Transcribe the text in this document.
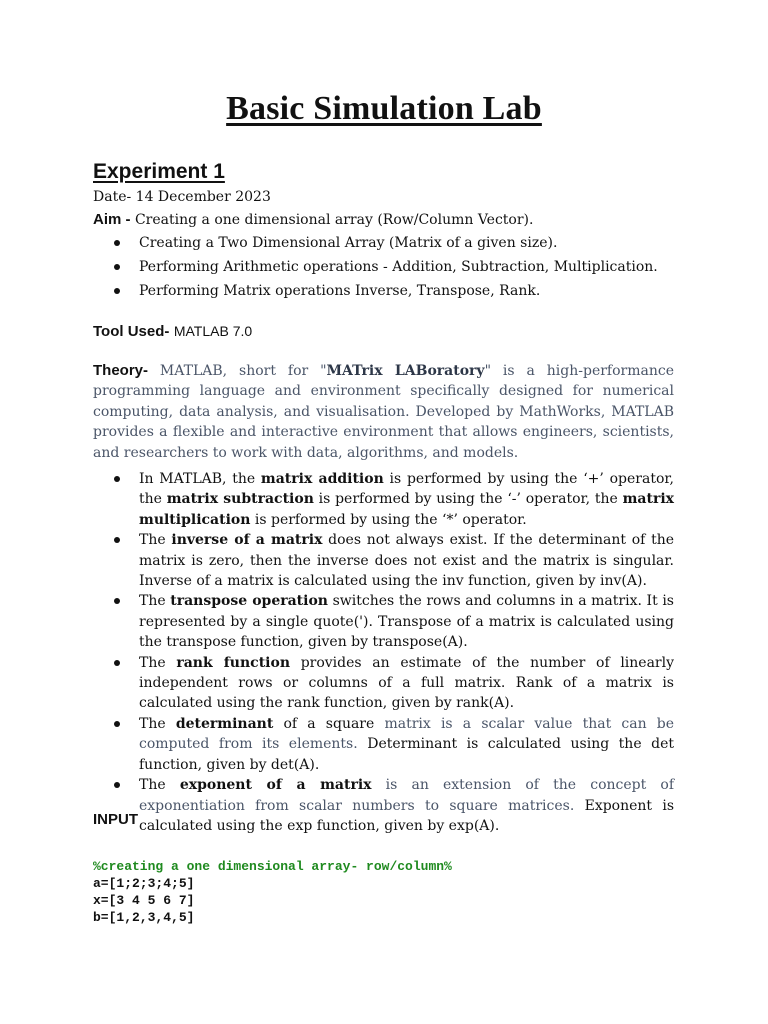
Basic Simulation Lab
Experiment 1
Date- 14 December 2023
Aim - Creating a one dimensional array (Row/Column Vector).
Creating a Two Dimensional Array (Matrix of a given size).
Performing Arithmetic operations - Addition, Subtraction, Multiplication.
Performing Matrix operations Inverse, Transpose, Rank.
Tool Used- MATLAB 7.0
Theory- MATLAB, short for "MATrix LABoratory" is a high-performance programming language and environment specifically designed for numerical computing, data analysis, and visualisation. Developed by MathWorks, MATLAB provides a flexible and interactive environment that allows engineers, scientists, and researchers to work with data, algorithms, and models.
In MATLAB, the matrix addition is performed by using the ‘+’ operator, the matrix subtraction is performed by using the ‘-’ operator, the matrix multiplication is performed by using the ‘*’ operator.
The inverse of a matrix does not always exist. If the determinant of the matrix is zero, then the inverse does not exist and the matrix is singular. Inverse of a matrix is calculated using the inv function, given by inv(A).
The transpose operation switches the rows and columns in a matrix. It is represented by a single quote('). Transpose of a matrix is calculated using the transpose function, given by transpose(A).
The rank function provides an estimate of the number of linearly independent rows or columns of a full matrix. Rank of a matrix is calculated using the rank function, given by rank(A).
The determinant of a square matrix is a scalar value that can be computed from its elements. Determinant is calculated using the det function, given by det(A).
The exponent of a matrix is an extension of the concept of exponentiation from scalar numbers to square matrices. Exponent is calculated using the exp function, given by exp(A).
INPUT
%creating a one dimensional array- row/column%
a=[1;2;3;4;5]
x=[3 4 5 6 7]
b=[1,2,3,4,5]
